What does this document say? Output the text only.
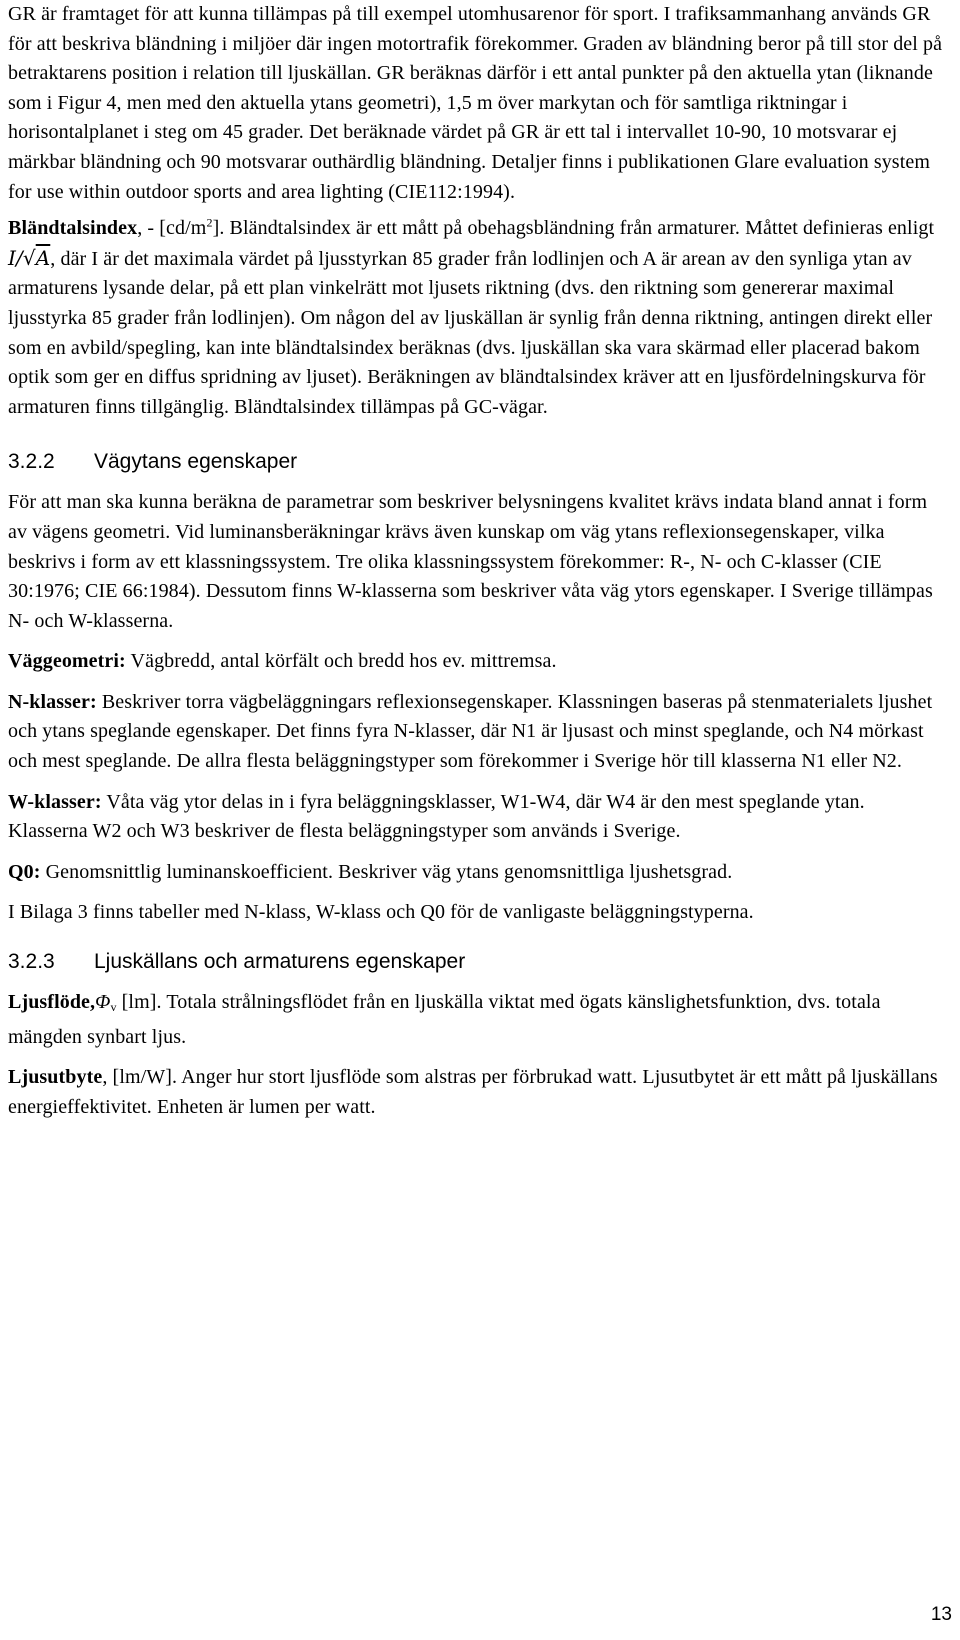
GR är framtaget för att kunna tillämpas på till exempel utomhusarenor för sport. I trafiksammanhang används GR för att beskriva bländning i miljöer där ingen motortrafik förekommer. Graden av bländning beror på till stor del på betraktarens position i relation till ljuskällan. GR beräknas därför i ett antal punkter på den aktuella ytan (liknande som i Figur 4, men med den aktuella ytans geometri), 1,5 m över markytan och för samtliga riktningar i horisontalplanet i steg om 45 grader. Det beräknade värdet på GR är ett tal i intervallet 10-90, 10 motsvarar ej märkbar bländning och 90 motsvarar outhärdlig bländning. Detaljer finns i publikationen Glare evaluation system for use within outdoor sports and area lighting (CIE112:1994).

Bländtalsindex, - $[cd/m^2]$. Bländtalsindex är ett mått på obehagsbländning från armaturer. Måttet definieras enligt I/√A, där I är det maximala värdet på ljusstyrkan 85 grader från lodlinjen och A är arean av den synliga ytan av armaturens lysande delar, på ett plan vinkelrätt mot ljusets riktning (dvs. den riktning som genererar maximal ljusstyrka 85 grader från lodlinjen). Om någon del av ljuskällan är synlig från denna riktning, antingen direkt eller som en avbild/spegling, kan inte bländtalsindex beräknas (dvs. ljuskällan ska vara skärmad eller placerad bakom optik som ger en diffus spridning av ljuset). Beräkningen av bländtalsindex kräver att en ljusfördelningskurva för armaturen finns tillgänglig. Bländtalsindex tillämpas på GC-vägar.

3.2.2	Vägytans egenskaper

För att man ska kunna beräkna de parametrar som beskriver belysningens kvalitet krävs indata bland annat i form av vägens geometri. Vid luminansberäkningar krävs även kunskap om väg ytans reflexionsegenskaper, vilka beskrivs i form av ett klassningssystem. Tre olika klassningssystem förekommer: R-, N- och C-klasser (CIE 30:1976; CIE 66:1984). Dessutom finns W-klasserna som beskriver våta väg ytors egenskaper. I Sverige tillämpas N- och W-klasserna.

Väggeometri: Vägbredd, antal körfält och bredd hos ev. mittremsa.

N-klasser: Beskriver torra vägbeläggningars reflexionsegenskaper. Klassningen baseras på stenmaterialets ljushet och ytans speglande egenskaper. Det finns fyra N-klasser, där N1 är ljusast och minst speglande, och N4 mörkast och mest speglande. De allra flesta beläggningstyper som förekommer i Sverige hör till klasserna N1 eller N2.

W-klasser: Våta väg ytor delas in i fyra beläggningsklasser, W1-W4, där W4 är den mest speglande ytan. Klasserna W2 och W3 beskriver de flesta beläggningstyper som används i Sverige.

Q0: Genomsnittlig luminanskoefficient. Beskriver väg ytans genomsnittliga ljushetsgrad.

I Bilaga 3 finns tabeller med N-klass, W-klass och Q0 för de vanligaste beläggningstyperna.

3.2.3	Ljuskällans och armaturens egenskaper

$Ljusflöde,\Phi_v$ [lm]. Totala strålningsflödet från en ljuskälla viktat med ögats känslighetsfunktion, dvs. totala mängden synbart ljus.

Ljusutbyte, [lm/W]. Anger hur stort ljusflöde som alstras per förbrukad watt. Ljusutbytet är ett mått på ljuskällans energieffektivitet. Enheten är lumen per watt.

13
